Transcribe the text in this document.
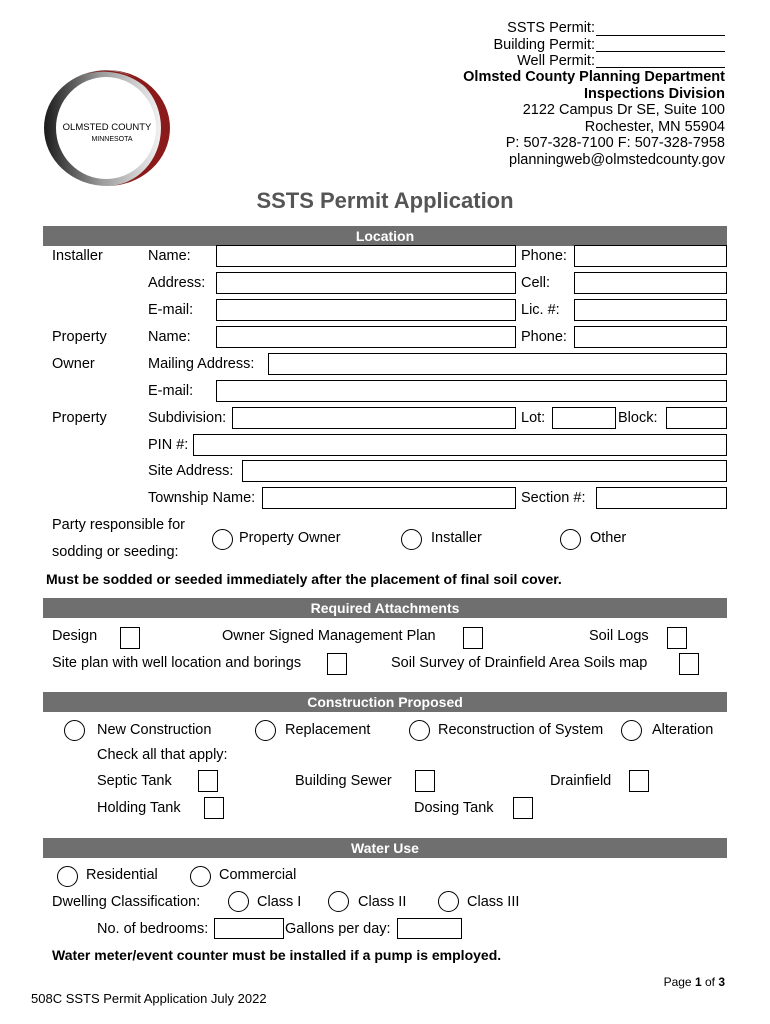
OLMSTED COUNTY
MINNESOTA
SSTS Permit:
Building Permit:
Well Permit:
Olmsted County Planning Department
Inspections Division
2122 Campus Dr SE, Suite 100
Rochester, MN 55904
P: 507-328-7100 F: 507-328-7958
planningweb@olmstedcounty.gov
SSTS Permit Application
Location
Installer	Name:	Phone:
Address:	Cell:
E-mail:	Lic. #:
Property	Name:	Phone:
Owner	Mailing Address:
E-mail:
Property	Subdivision:	Lot:	Block:
PIN #:
Site Address:
Township Name:	Section #:
Party responsible for
sodding or seeding:
Property Owner	Installer	Other
Must be sodded or seeded immediately after the placement of final soil cover.
Required Attachments
Design	Owner Signed Management Plan	Soil Logs
Site plan with well location and borings	Soil Survey of Drainfield Area Soils map
Construction Proposed
New Construction	Replacement	Reconstruction of System	Alteration
Check all that apply:
Septic Tank	Building Sewer	Drainfield
Holding Tank	Dosing Tank
Water Use
Residential	Commercial
Dwelling Classification:	Class I	Class II	Class III
No. of bedrooms:	Gallons per day:
Water meter/event counter must be installed if a pump is employed.
Page 1 of 3
508C SSTS Permit Application July 2022
